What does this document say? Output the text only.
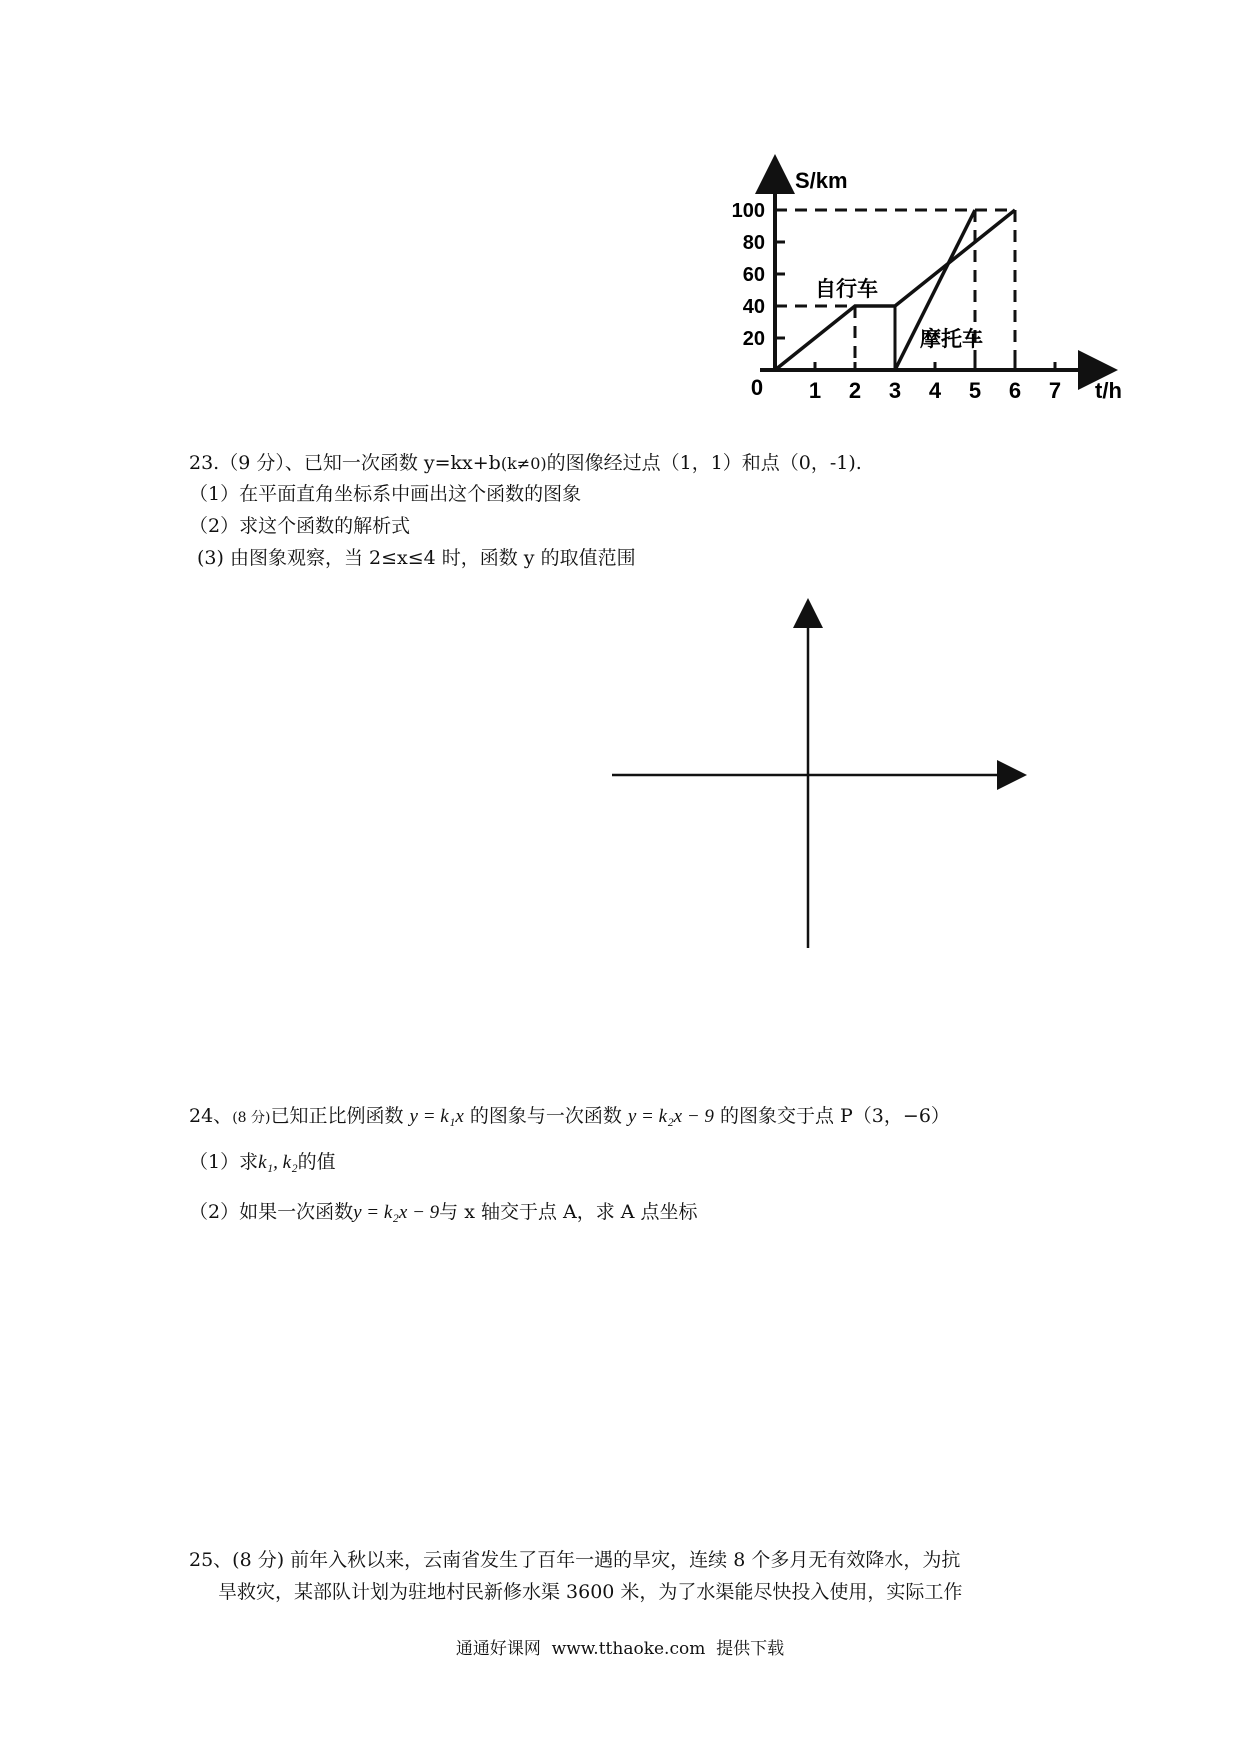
S/km
t/h
100
80
60
40
20
0 1 2 3 4 5 6 7
自行车
摩托车
23.（9 分）、已知一次函数 y=kx+b(k≠0)的图像经过点（1，1）和点（0，-1).
（1）在平面直角坐标系中画出这个函数的图象
（2）求这个函数的解析式
(3) 由图象观察，当 2≤x≤4 时，函数 y 的取值范围
24、(8 分)已知正比例函数 y = k₁x 的图象与一次函数 y = k₂x − 9 的图象交于点 P（3，−6）
（1）求k₁, k₂的值
（2）如果一次函数y = k₂x − 9与 x 轴交于点 A，求 A 点坐标
25、(8 分) 前年入秋以来，云南省发生了百年一遇的旱灾，连续 8 个多月无有效降水，为抗
旱救灾，某部队计划为驻地村民新修水渠 3600 米，为了水渠能尽快投入使用，实际工作
通通好课网  www.tthaoke.com  提供下载
